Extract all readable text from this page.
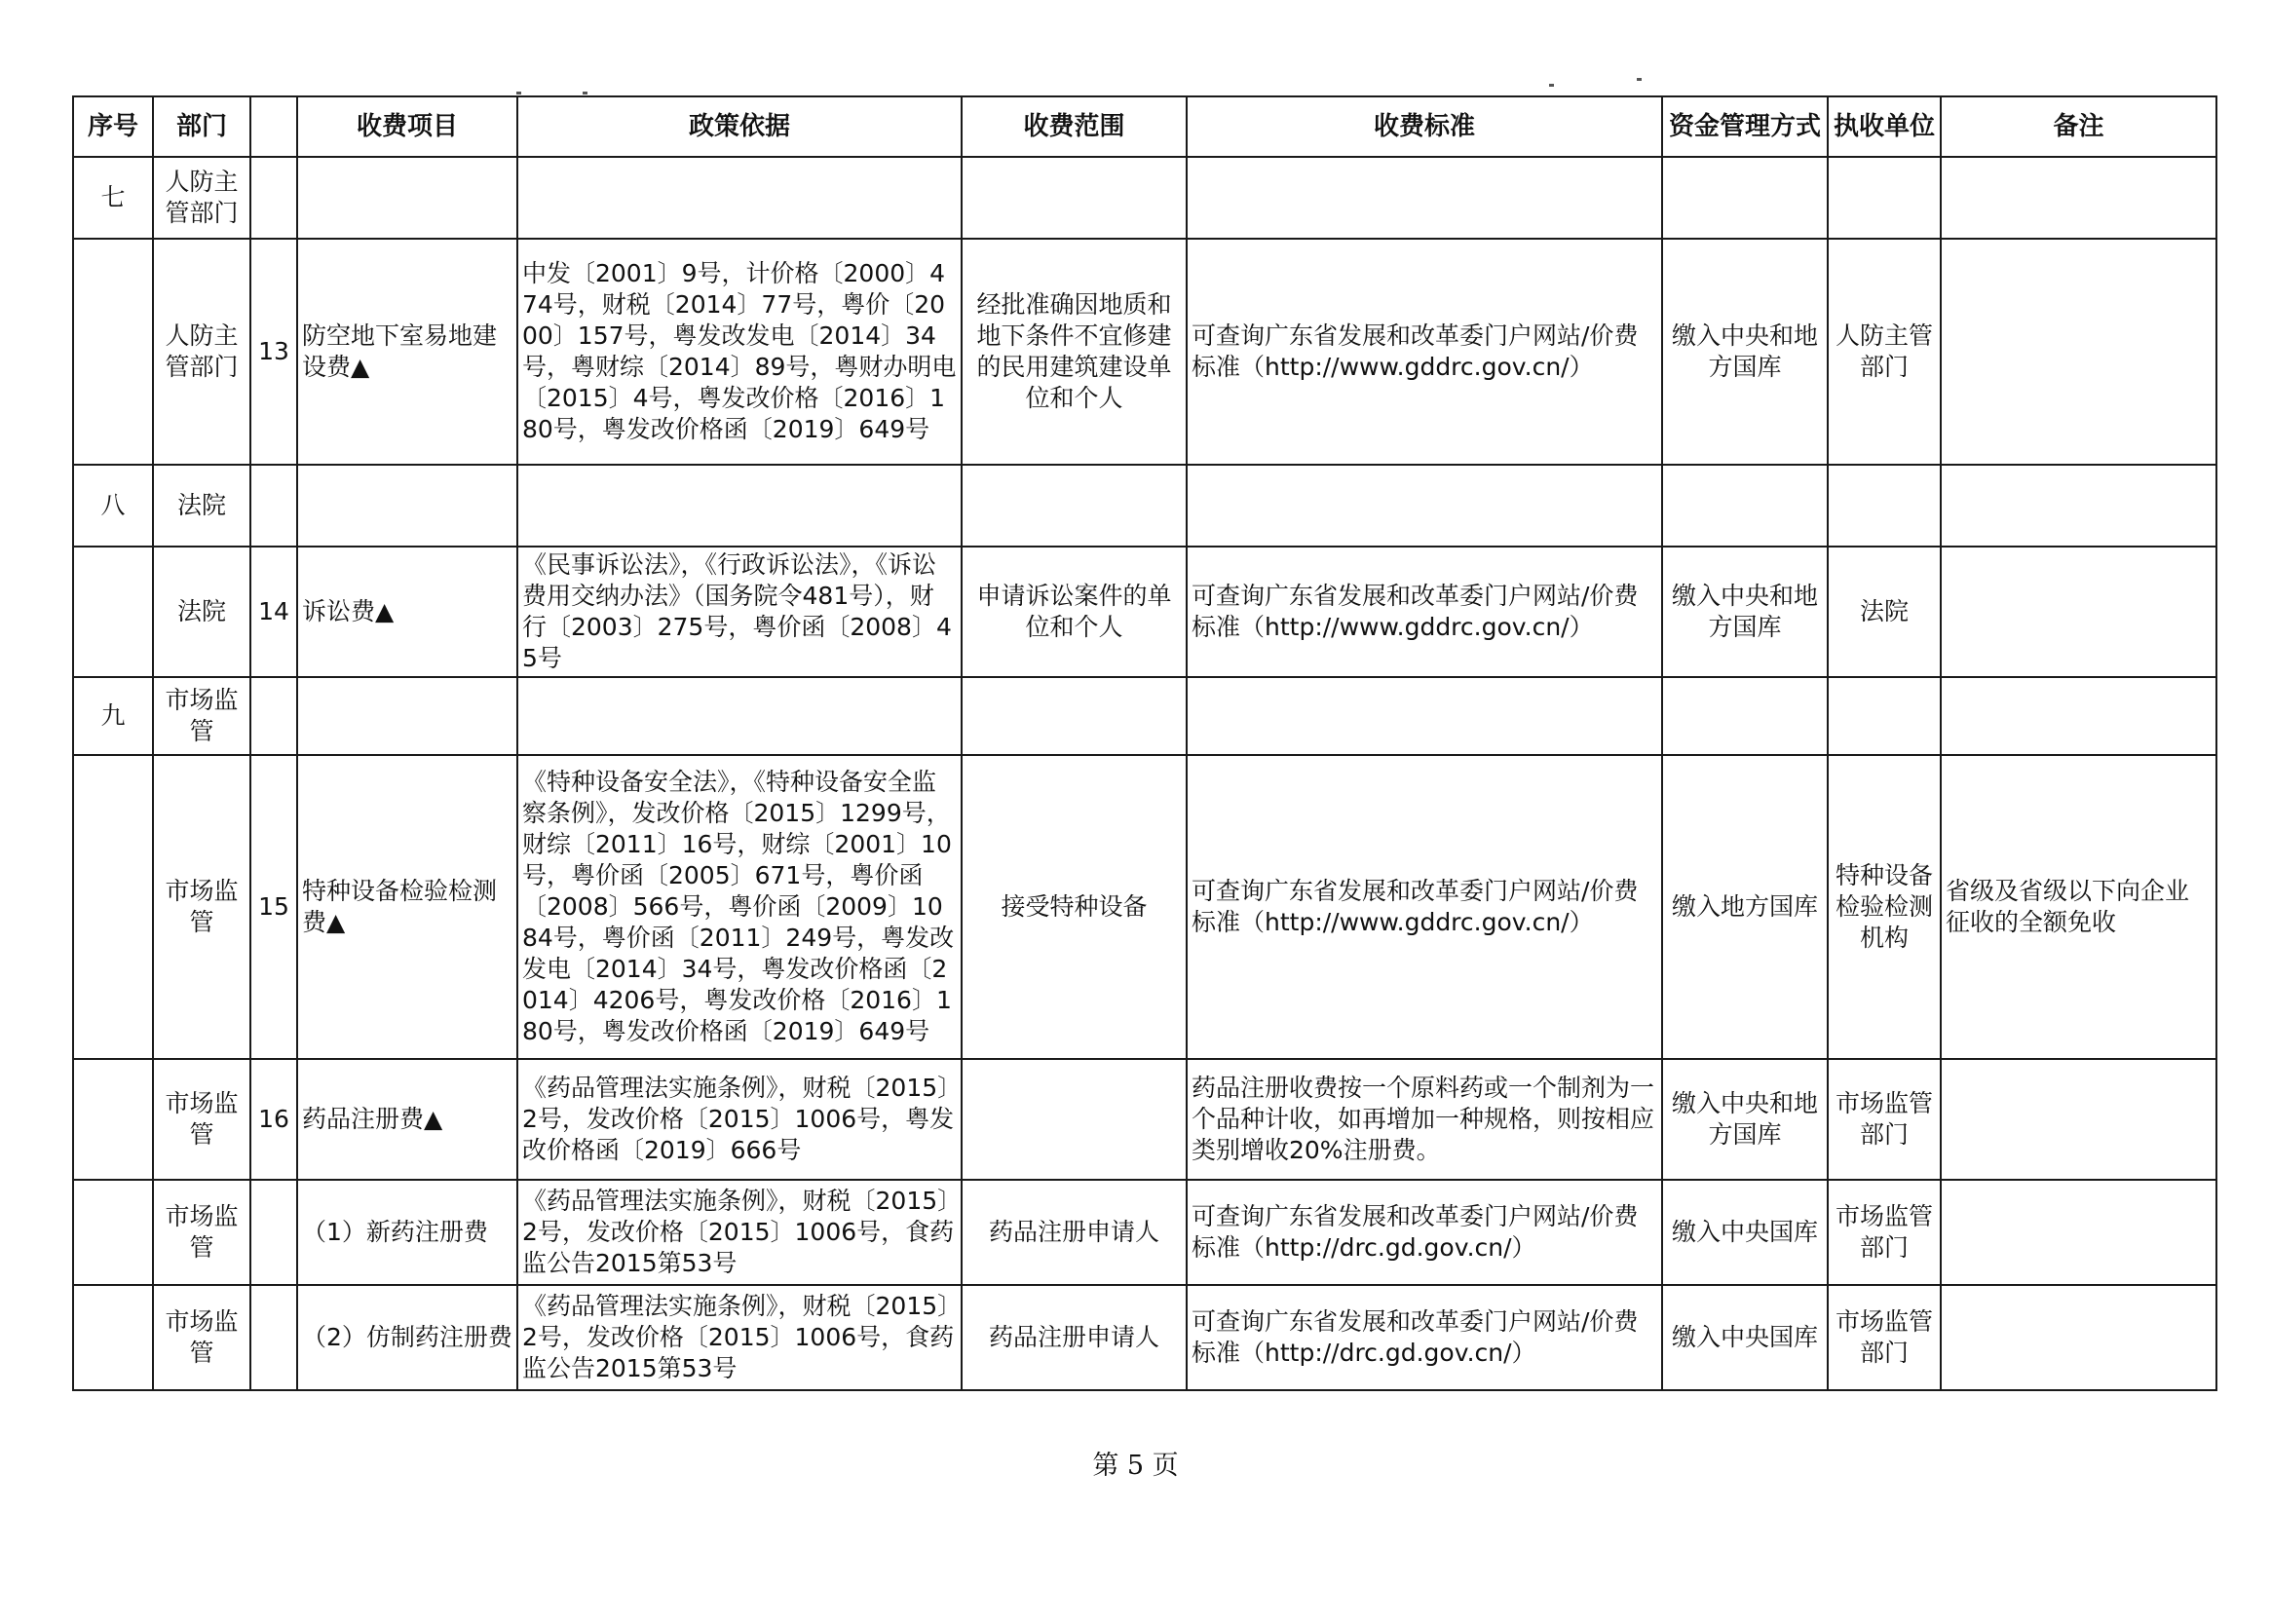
序号	部门		收费项目	政策依据	收费范围	收费标准	资金管理方式	执收单位	备注
七	人防主管部门								
	人防主管部门	13	防空地下室易地建设费▲	中发〔2001〕9号，计价格〔2000〕474号，财税〔2014〕77号，粤价〔2000〕157号，粤发改发电〔2014〕34号，粤财综〔2014〕89号，粤财办明电〔2015〕4号，粤发改价格〔2016〕180号，粤发改价格函〔2019〕649号	经批准确因地质和地下条件不宜修建的民用建筑建设单位和个人	可查询广东省发展和改革委门户网站/价费标准（http://www.gddrc.gov.cn/）	缴入中央和地方国库	人防主管部门	
八	法院								
	法院	14	诉讼费▲	《民事诉讼法》，《行政诉讼法》，《诉讼费用交纳办法》（国务院令481号），财行〔2003〕275号，粤价函〔2008〕45号	申请诉讼案件的单位和个人	可查询广东省发展和改革委门户网站/价费标准（http://www.gddrc.gov.cn/）	缴入中央和地方国库	法院	
九	市场监管								
	市场监管	15	特种设备检验检测费▲	《特种设备安全法》，《特种设备安全监察条例》，发改价格〔2015〕1299号，财综〔2011〕16号，财综〔2001〕10号，粤价函〔2005〕671号，粤价函〔2008〕566号，粤价函〔2009〕1084号，粤价函〔2011〕249号，粤发改发电〔2014〕34号，粤发改价格函〔2014〕4206号，粤发改价格〔2016〕180号，粤发改价格函〔2019〕649号	接受特种设备	可查询广东省发展和改革委门户网站/价费标准（http://www.gddrc.gov.cn/）	缴入地方国库	特种设备检验检测机构	省级及省级以下向企业征收的全额免收
	市场监管	16	药品注册费▲	《药品管理法实施条例》，财税〔2015〕2号，发改价格〔2015〕1006号，粤发改价格函〔2019〕666号		药品注册收费按一个原料药或一个制剂为一个品种计收，如再增加一种规格，则按相应类别增收20%注册费。	缴入中央和地方国库	市场监管部门	
	市场监管		（1）新药注册费	《药品管理法实施条例》，财税〔2015〕2号，发改价格〔2015〕1006号，食药监公告2015第53号	药品注册申请人	可查询广东省发展和改革委门户网站/价费标准（http://drc.gd.gov.cn/）	缴入中央国库	市场监管部门	
	市场监管		（2）仿制药注册费	《药品管理法实施条例》，财税〔2015〕2号，发改价格〔2015〕1006号，食药监公告2015第53号	药品注册申请人	可查询广东省发展和改革委门户网站/价费标准（http://drc.gd.gov.cn/）	缴入中央国库	市场监管部门	
第 5 页
